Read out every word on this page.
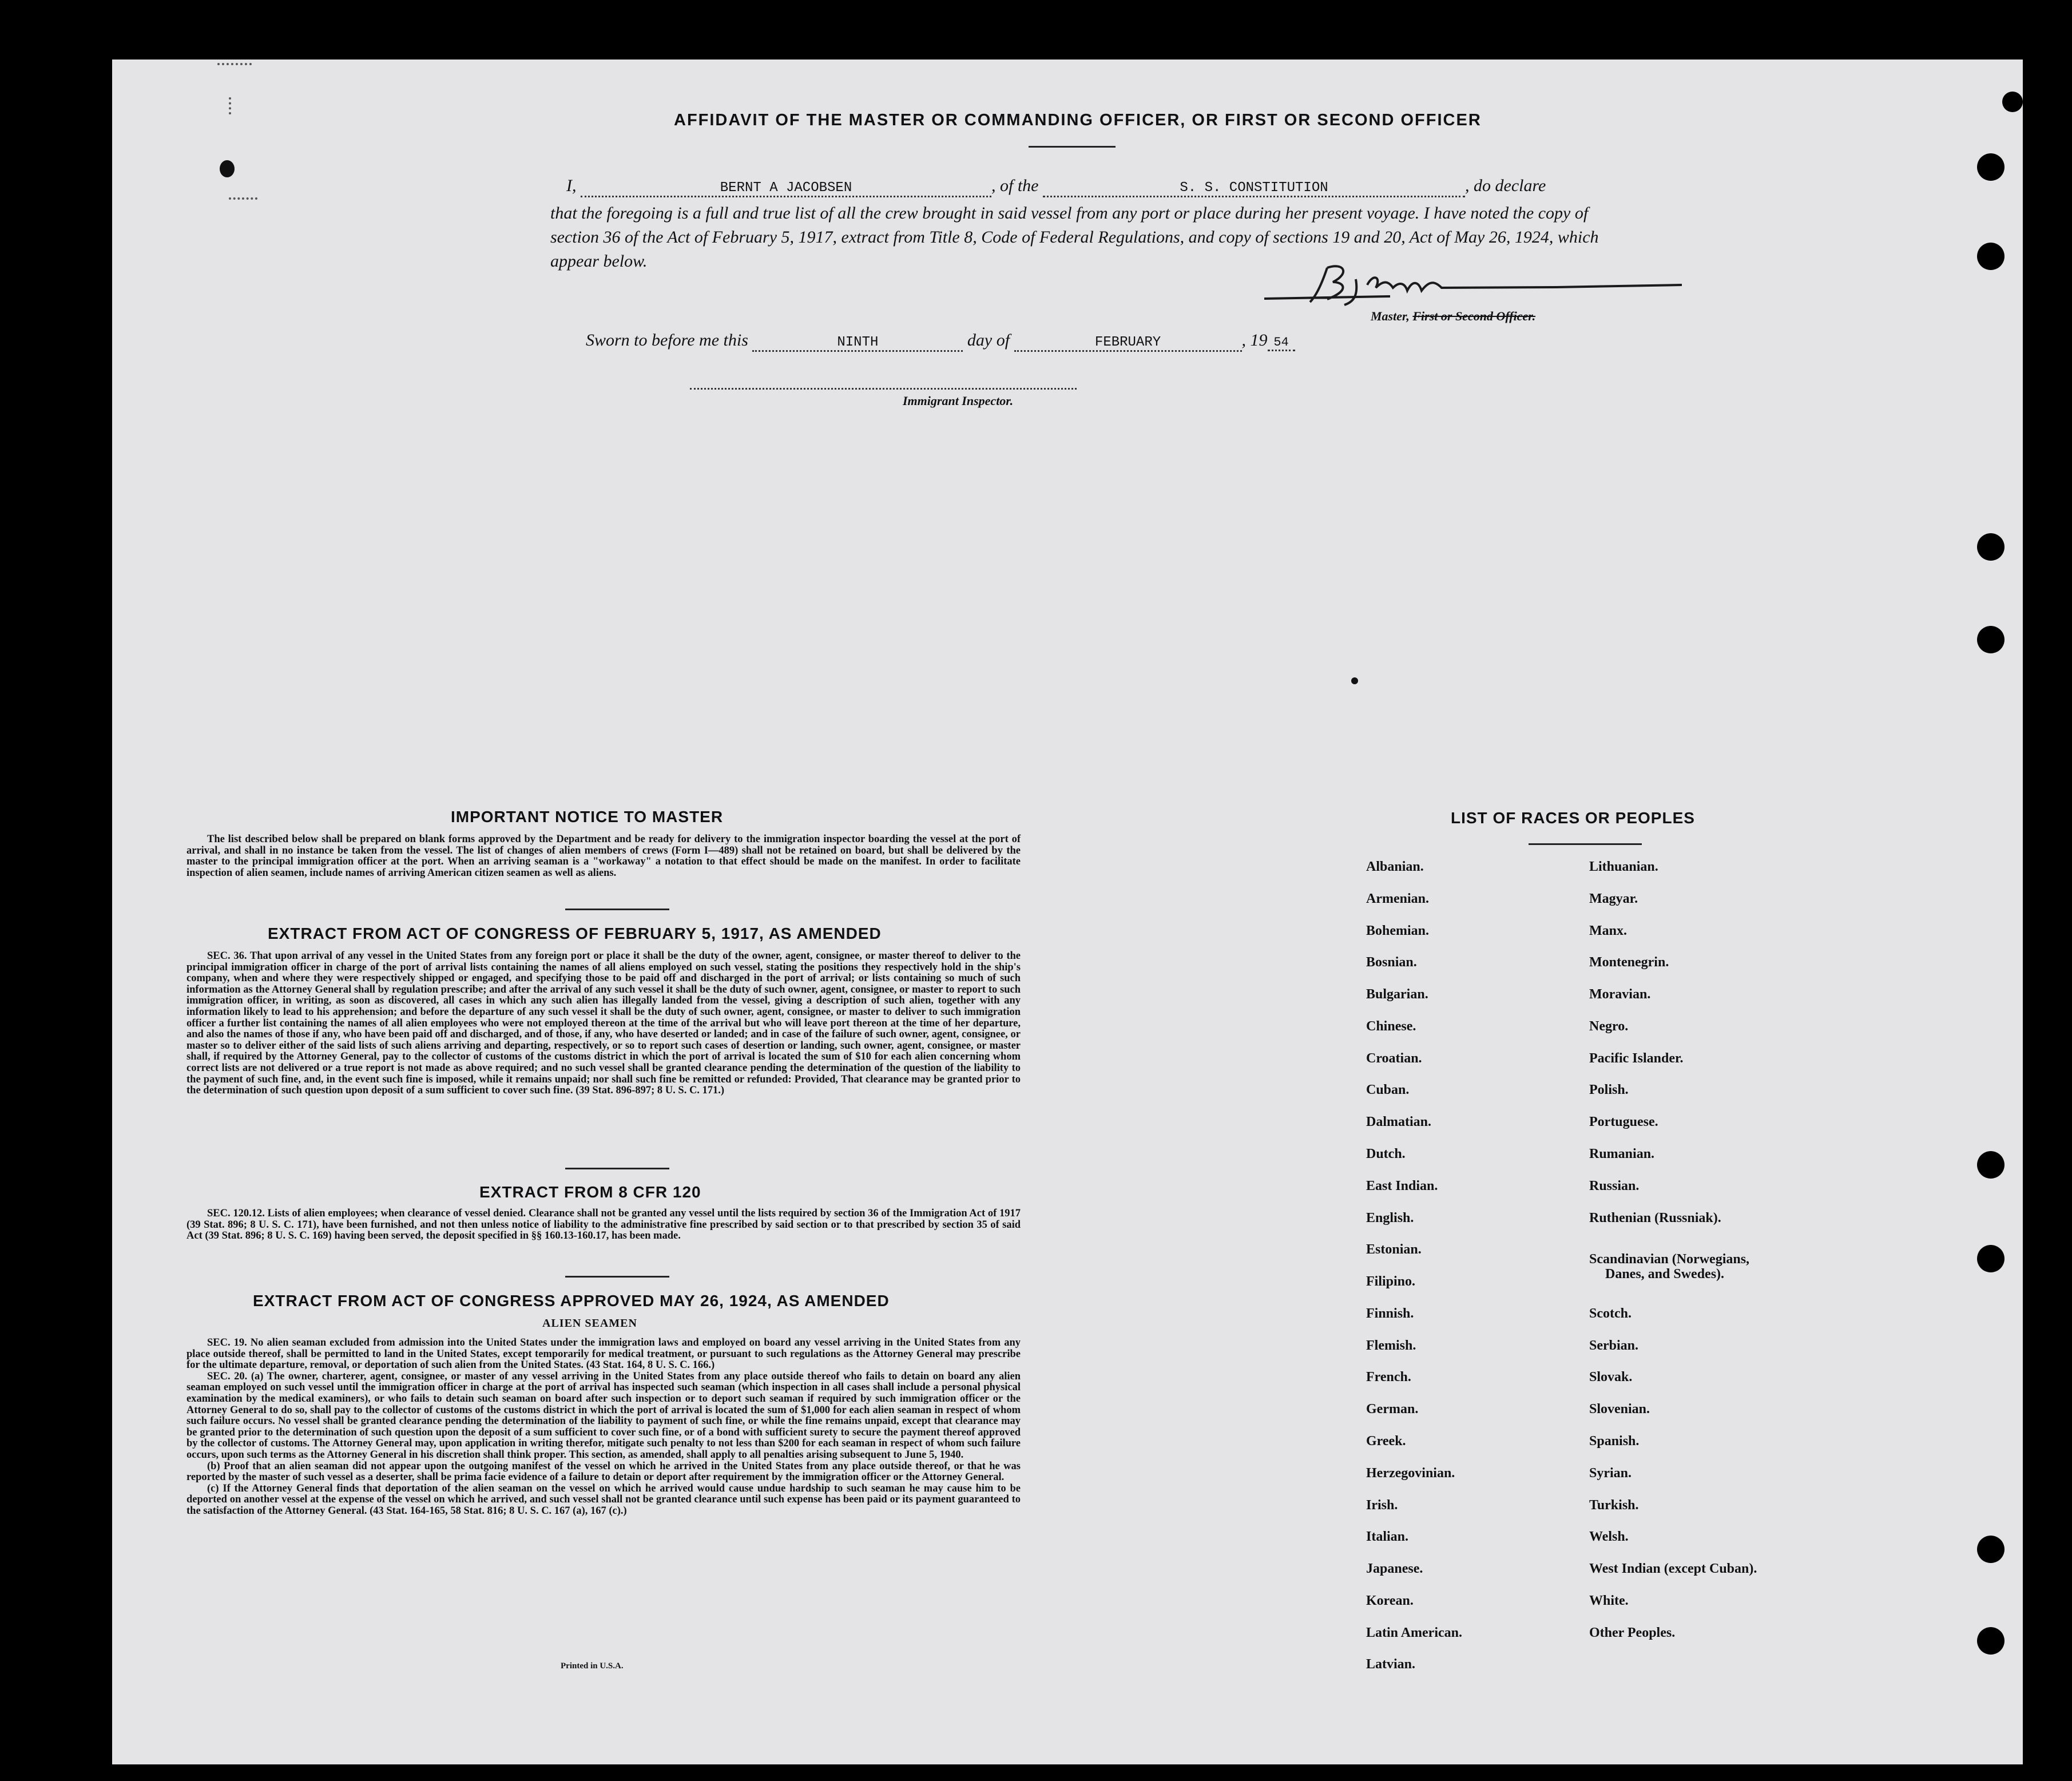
AFFIDAVIT OF THE MASTER OR COMMANDING OFFICER, OR FIRST OR SECOND OFFICER
I,	BERNT A JACOBSEN	, of the	S. S. CONSTITUTION	, do declare
that the foregoing is a full and true list of all the crew brought in said vessel from any port or place during her present voyage. I have noted the copy of section 36 of the Act of February 5, 1917, extract from Title 8, Code of Federal Regulations, and copy of sections 19 and 20, Act of May 26, 1924, which appear below.
Master, First or Second Officer.
Sworn to before me this	NINTH	day of	FEBRUARY	, 19 54
Immigrant Inspector.
IMPORTANT NOTICE TO MASTER
The list described below shall be prepared on blank forms approved by the Department and be ready for delivery to the immigration inspector boarding the vessel at the port of arrival, and shall in no instance be taken from the vessel. The list of changes of alien members of crews (Form I—489) shall not be retained on board, but shall be delivered by the master to the principal immigration officer at the port. When an arriving seaman is a "workaway" a notation to that effect should be made on the manifest. In order to facilitate inspection of alien seamen, include names of arriving American citizen seamen as well as aliens.
EXTRACT FROM ACT OF CONGRESS OF FEBRUARY 5, 1917, AS AMENDED
SEC. 36. That upon arrival of any vessel in the United States from any foreign port or place it shall be the duty of the owner, agent, consignee, or master thereof to deliver to the principal immigration officer in charge of the port of arrival lists containing the names of all aliens employed on such vessel, stating the positions they respectively hold in the ship's company, when and where they were respectively shipped or engaged, and specifying those to be paid off and discharged in the port of arrival; or lists containing so much of such information as the Attorney General shall by regulation prescribe; and after the arrival of any such vessel it shall be the duty of such owner, agent, consignee, or master to report to such immigration officer, in writing, as soon as discovered, all cases in which any such alien has illegally landed from the vessel, giving a description of such alien, together with any information likely to lead to his apprehension; and before the departure of any such vessel it shall be the duty of such owner, agent, consignee, or master to deliver to such immigration officer a further list containing the names of all alien employees who were not employed thereon at the time of the arrival but who will leave port thereon at the time of her departure, and also the names of those if any, who have been paid off and discharged, and of those, if any, who have deserted or landed; and in case of the failure of such owner, agent, consignee, or master so to deliver either of the said lists of such aliens arriving and departing, respectively, or so to report such cases of desertion or landing, such owner, agent, consignee, or master shall, if required by the Attorney General, pay to the collector of customs of the customs district in which the port of arrival is located the sum of $10 for each alien concerning whom correct lists are not delivered or a true report is not made as above required; and no such vessel shall be granted clearance pending the determination of the question of the liability to the payment of such fine, and, in the event such fine is imposed, while it remains unpaid; nor shall such fine be remitted or refunded: Provided, That clearance may be granted prior to the determination of such question upon deposit of a sum sufficient to cover such fine. (39 Stat. 896-897; 8 U. S. C. 171.)
EXTRACT FROM 8 CFR 120
SEC. 120.12. Lists of alien employees; when clearance of vessel denied. Clearance shall not be granted any vessel until the lists required by section 36 of the Immigration Act of 1917 (39 Stat. 896; 8 U. S. C. 171), have been furnished, and not then unless notice of liability to the administrative fine prescribed by said section or to that prescribed by section 35 of said Act (39 Stat. 896; 8 U. S. C. 169) having been served, the deposit specified in §§ 160.13-160.17, has been made.
EXTRACT FROM ACT OF CONGRESS APPROVED MAY 26, 1924, AS AMENDED
ALIEN SEAMEN

SEC. 19. No alien seaman excluded from admission into the United States under the immigration laws and employed on board any vessel arriving in the United States from any place outside thereof, shall be permitted to land in the United States, except temporarily for medical treatment, or pursuant to such regulations as the Attorney General may prescribe for the ultimate departure, removal, or deportation of such alien from the United States. (43 Stat. 164, 8 U. S. C. 166.)

SEC. 20. (a) The owner, charterer, agent, consignee, or master of any vessel arriving in the United States from any place outside thereof who fails to detain on board any alien seaman employed on such vessel until the immigration officer in charge at the port of arrival has inspected such seaman (which inspection in all cases shall include a personal physical examination by the medical examiners), or who fails to detain such seaman on board after such inspection or to deport such seaman if required by such immigration officer or the Attorney General to do so, shall pay to the collector of customs of the customs district in which the port of arrival is located the sum of $1,000 for each alien seaman in respect of whom such failure occurs. No vessel shall be granted clearance pending the determination of the liability to payment of such fine, or while the fine remains unpaid, except that clearance may be granted prior to the determination of such question upon the deposit of a sum sufficient to cover such fine, or of a bond with sufficient surety to secure the payment thereof approved by the collector of customs. The Attorney General may, upon application in writing therefor, mitigate such penalty to not less than $200 for each seaman in respect of whom such failure occurs, upon such terms as the Attorney General in his discretion shall think proper. This section, as amended, shall apply to all penalties arising subsequent to June 5, 1940.

(b) Proof that an alien seaman did not appear upon the outgoing manifest of the vessel on which he arrived in the United States from any place outside thereof, or that he was reported by the master of such vessel as a deserter, shall be prima facie evidence of a failure to detain or deport after requirement by the immigration officer or the Attorney General.

(c) If the Attorney General finds that deportation of the alien seaman on the vessel on which he arrived would cause undue hardship to such seaman he may cause him to be deported on another vessel at the expense of the vessel on which he arrived, and such vessel shall not be granted clearance until such expense has been paid or its payment guaranteed to the satisfaction of the Attorney General. (43 Stat. 164-165, 58 Stat. 816; 8 U. S. C. 167 (a), 167 (c).)

Printed in U.S.A.
LIST OF RACES OR PEOPLES
Albanian.
Armenian.
Bohemian.
Bosnian.
Bulgarian.
Chinese.
Croatian.
Cuban.
Dalmatian.
Dutch.
East Indian.
English.
Estonian.
Filipino.
Finnish.
Flemish.
French.
German.
Greek.
Herzegovinian.
Irish.
Italian.
Japanese.
Korean.
Latin American.
Latvian.
Lithuanian.
Magyar.
Manx.
Montenegrin.
Moravian.
Negro.
Pacific Islander.
Polish.
Portuguese.
Rumanian.
Russian.
Ruthenian (Russniak).
Scandinavian (Norwegians,
Danes, and Swedes).
Scotch.
Serbian.
Slovak.
Slovenian.
Spanish.
Syrian.
Turkish.
Welsh.
West Indian (except Cuban).
White.
Other Peoples.
